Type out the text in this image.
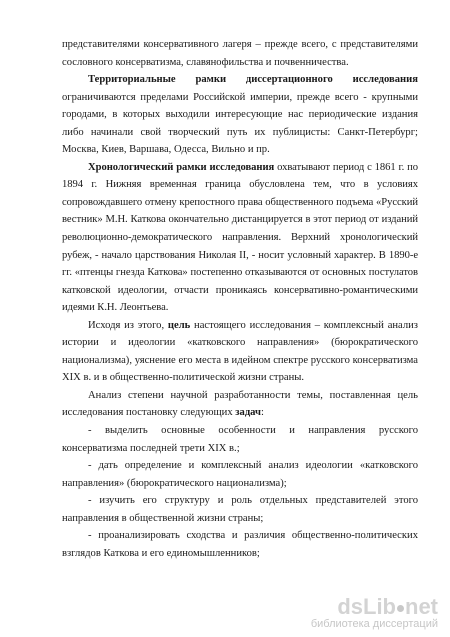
представителями консервативного лагеря – прежде всего, с представителями сословного консерватизма, славянофильства и почвенничества.

Территориальные рамки диссертационного исследования ограничиваются пределами Российской империи, прежде всего - крупными городами, в которых выходили интересующие нас периодические издания либо начинали свой творческий путь их публицисты: Санкт-Петербург; Москва, Киев, Варшава, Одесса, Вильно и пр.

Хронологический рамки исследования охватывают период с 1861 г. по 1894 г. Нижняя временная граница обусловлена тем, что в условиях сопровождавшего отмену крепостного права общественного подъема «Русский вестник» М.Н. Каткова окончательно дистанцируется в этот период от изданий революционно-демократического направления. Верхний хронологический рубеж, - начало царствования Николая II, - носит условный характер. В 1890-е гг. «птенцы гнезда Каткова» постепенно отказываются от основных постулатов катковской идеологии, отчасти проникаясь консервативно-романтическими идеями К.Н. Леонтьева.

Исходя из этого, цель настоящего исследования – комплексный анализ истории и идеологии «катковского направления» (бюрократического национализма), уяснение его места в идейном спектре русского консерватизма XIX в. и в общественно-политической жизни страны.

Анализ степени научной разработанности темы, поставленная цель исследования постановку следующих задач:

- выделить основные особенности и направления русского консерватизма последней трети XIX в.;

- дать определение и комплексный анализ идеологии «катковского направления» (бюрократического национализма);

- изучить его структуру и роль отдельных представителей этого направления в общественной жизни страны;

- проанализировать сходства и различия общественно-политических взглядов Каткова и его единомышленников;

dsLib net
библиотека диссертаций
